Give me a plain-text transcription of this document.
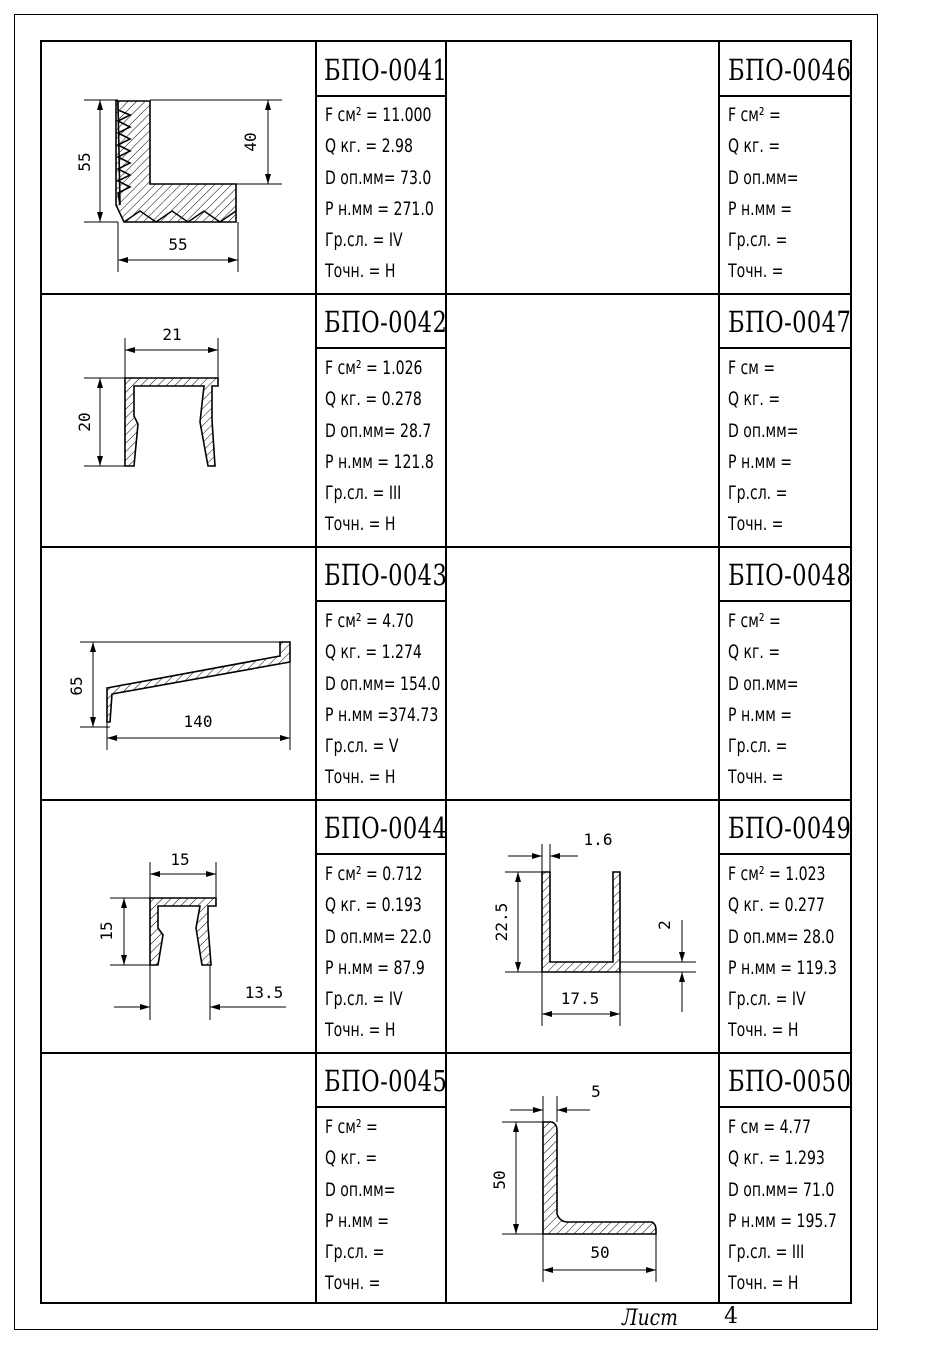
БПО-0041
F см² = 11.000
Q кг. = 2.98
D оп.мм= 73.0
P н.мм = 271.0
Гр.сл. = IV
Точн. = Н
БПО-0046
F см² =
Q кг. =
D оп.мм=
P н.мм =
Гр.сл. =
Точн. =
БПО-0042
F см² = 1.026
Q кг. = 0.278
D оп.мм= 28.7
P н.мм = 121.8
Гр.сл. = III
Точн. = Н
БПО-0047
F см =
Q кг. =
D оп.мм=
P н.мм =
Гр.сл. =
Точн. =
БПО-0043
F см² = 4.70
Q кг. = 1.274
D оп.мм= 154.0
P н.мм =374.73
Гр.сл. = V
Точн. = Н
БПО-0048
F см² =
Q кг. =
D оп.мм=
P н.мм =
Гр.сл. =
Точн. =
БПО-0044
F см² = 0.712
Q кг. = 0.193
D оп.мм= 22.0
P н.мм = 87.9
Гр.сл. = IV
Точн. = Н
БПО-0049
F см² = 1.023
Q кг. = 0.277
D оп.мм= 28.0
P н.мм = 119.3
Гр.сл. = IV
Точн. = Н
БПО-0045
F см² =
Q кг. =
D оп.мм=
P н.мм =
Гр.сл. =
Точн. =
БПО-0050
F см = 4.77
Q кг. = 1.293
D оп.мм= 71.0
P н.мм = 195.7
Гр.сл. = III
Точн. = Н
55
40
55
21
20
65
140
15
15
13.5
1.6
22.5	2
17.5
5
50
50
Лист 4
